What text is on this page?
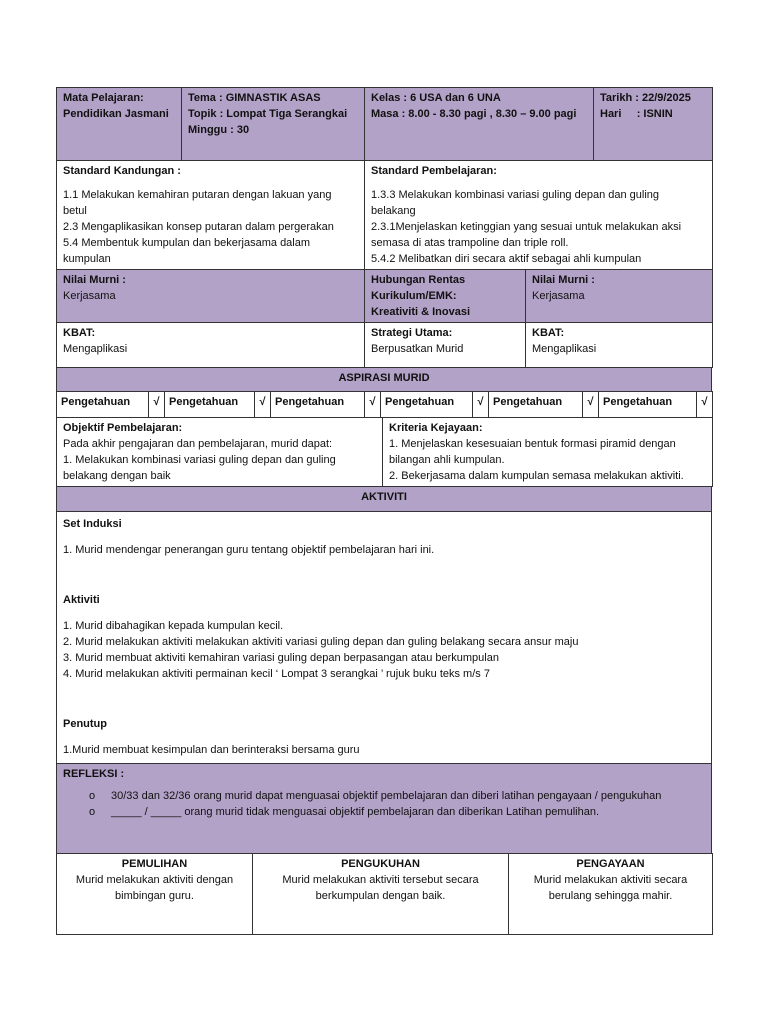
Mata Pelajaran:
Pendidikan Jasmani

Tema : GIMNASTIK ASAS
Topik : Lompat Tiga Serangkai
Minggu : 30

Kelas : 6 USA dan 6 UNA
Masa : 8.00 - 8.30 pagi , 8.30 – 9.00 pagi

Tarikh : 22/9/2025
Hari : ISNIN
Standard Kandungan :
1.1 Melakukan kemahiran putaran dengan lakuan yang betul
2.3 Mengaplikasikan konsep putaran dalam pergerakan
5.4 Membentuk kumpulan dan bekerjasama dalam kumpulan

Standard Pembelajaran:
1.3.3 Melakukan kombinasi variasi guling depan dan guling belakang
2.3.1Menjelaskan ketinggian yang sesuai untuk melakukan aksi semasa di atas trampoline dan triple roll.
5.4.2 Melibatkan diri secara aktif sebagai ahli kumpulan
Nilai Murni :
Kerjasama

Hubungan Rentas
Kurikulum/EMK:
Kreativiti & Inovasi

Nilai Murni :
Kerjasama
KBAT:
Mengaplikasi

Strategi Utama:
Berpusatkan Murid

KBAT:
Mengaplikasi
ASPIRASI MURID
Pengetahuan	√	Pengetahuan	√	Pengetahuan	√	Pengetahuan	√	Pengetahuan	√	Pengetahuan	√
Objektif Pembelajaran:
Pada akhir pengajaran dan pembelajaran, murid dapat:
1. Melakukan kombinasi variasi guling depan dan guling belakang dengan baik

Kriteria Kejayaan:
1. Menjelaskan kesesuaian bentuk formasi piramid dengan bilangan ahli kumpulan.
2. Bekerjasama dalam kumpulan semasa melakukan aktiviti.
AKTIVITI

Set Induksi
1. Murid mendengar penerangan guru tentang objektif pembelajaran hari ini.
Aktiviti
1. Murid dibahagikan kepada kumpulan kecil.
2. Murid melakukan aktiviti melakukan aktiviti variasi guling depan dan guling belakang secara ansur maju
3. Murid membuat aktiviti kemahiran variasi guling depan berpasangan atau berkumpulan
4. Murid melakukan aktiviti permainan kecil ‘ Lompat 3 serangkai ’ rujuk buku teks m/s 7
Penutup
1.Murid membuat kesimpulan dan berinteraksi bersama guru
REFLEKSI :
o 30/33 dan 32/36 orang murid dapat menguasai objektif pembelajaran dan diberi latihan pengayaan / pengukuhan
o _____ / _____ orang murid tidak menguasai objektif pembelajaran dan diberikan Latihan pemulihan.
PEMULIHAN
Murid melakukan aktiviti dengan bimbingan guru.

PENGUKUHAN
Murid melakukan aktiviti tersebut secara berkumpulan dengan baik.

PENGAYAAN
Murid melakukan aktiviti secara berulang sehingga mahir.
